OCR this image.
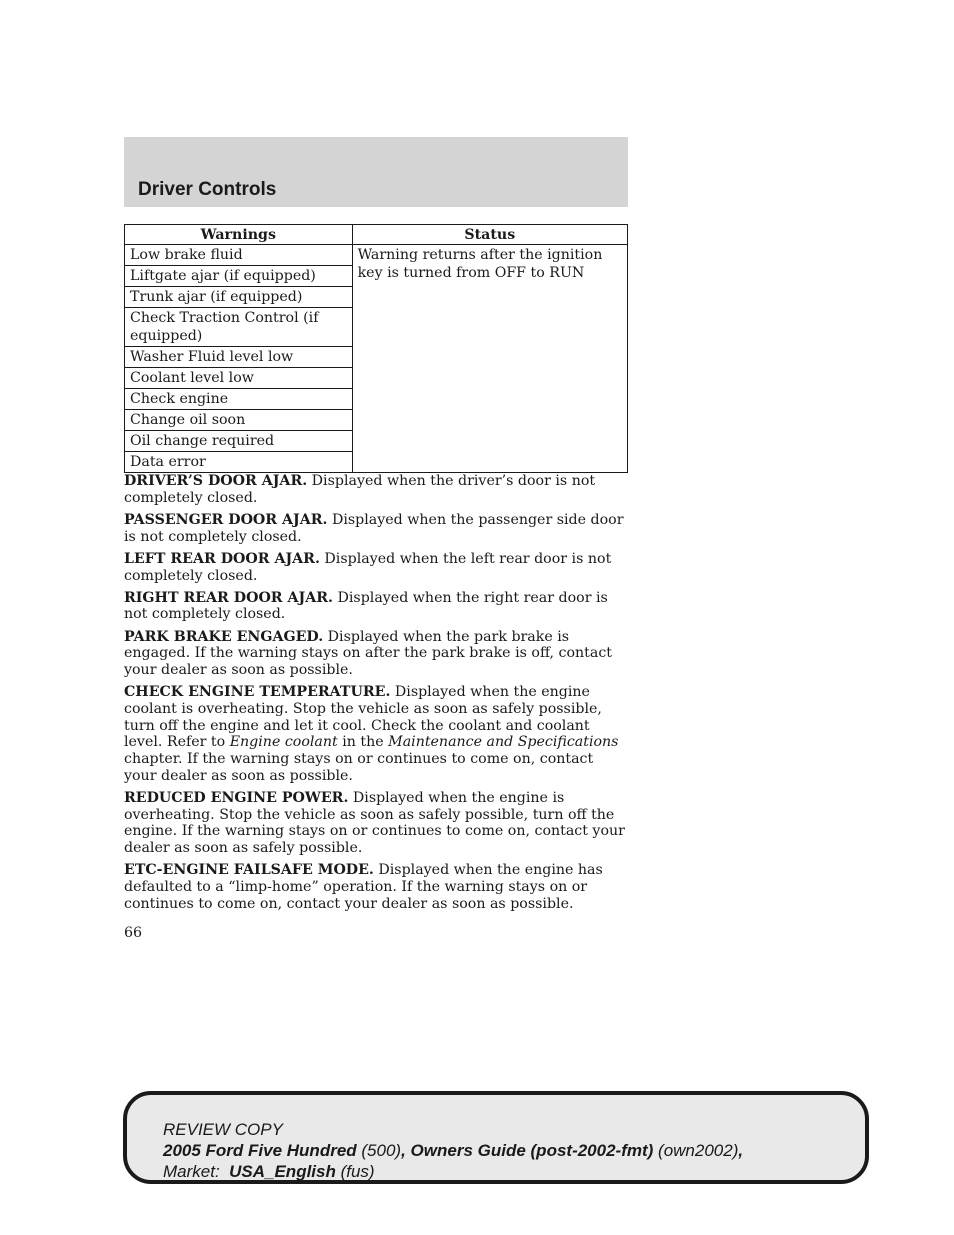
Driver Controls
Warnings	Status
Low brake fluid	Warning returns after the ignition key is turned from OFF to RUN
Liftgate ajar (if equipped)	
Trunk ajar (if equipped)	
Check Traction Control (if equipped)	
Washer Fluid level low	
Coolant level low	
Check engine	
Change oil soon	
Oil change required	
Data error	

DRIVER’S DOOR AJAR. Displayed when the driver’s door is not completely closed.

PASSENGER DOOR AJAR. Displayed when the passenger side door is not completely closed.

LEFT REAR DOOR AJAR. Displayed when the left rear door is not completely closed.

RIGHT REAR DOOR AJAR. Displayed when the right rear door is not completely closed.

PARK BRAKE ENGAGED. Displayed when the park brake is engaged. If the warning stays on after the park brake is off, contact your dealer as soon as possible.

CHECK ENGINE TEMPERATURE. Displayed when the engine coolant is overheating. Stop the vehicle as soon as safely possible, turn off the engine and let it cool. Check the coolant and coolant level. Refer to Engine coolant in the Maintenance and Specifications chapter. If the warning stays on or continues to come on, contact your dealer as soon as possible.

REDUCED ENGINE POWER. Displayed when the engine is overheating. Stop the vehicle as soon as safely possible, turn off the engine. If the warning stays on or continues to come on, contact your dealer as soon as safely possible.

ETC-ENGINE FAILSAFE MODE. Displayed when the engine has defaulted to a “limp-home” operation. If the warning stays on or continues to come on, contact your dealer as soon as possible.

66
REVIEW COPY
2005 Ford Five Hundred (500), Owners Guide (post-2002-fmt) (own2002),
Market:  USA_English (fus)
